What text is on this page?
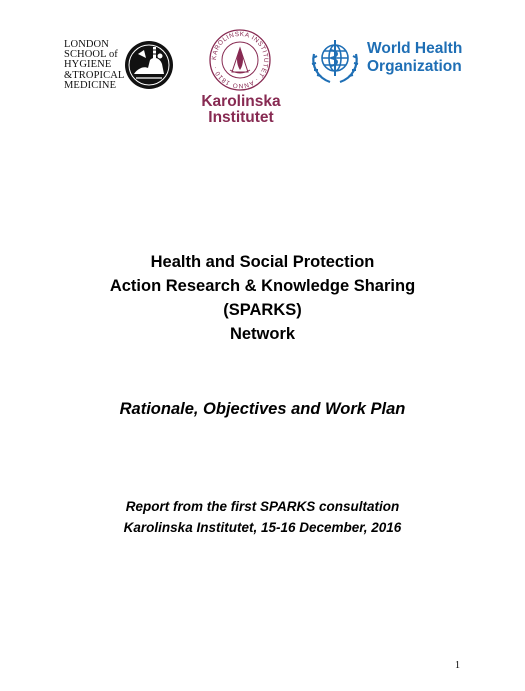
LONDON
SCHOOL of
HYGIENE
&TROPICAL
MEDICINE
KAROLINSKA INSTITUTET · ANNO 1810 ·
Karolinska
Institutet
World Health
Organization
Health and Social Protection
Action Research & Knowledge Sharing
(SPARKS)
Network
Rationale, Objectives and Work Plan
Report from the first SPARKS consultation
Karolinska Institutet, 15-16 December, 2016
1
